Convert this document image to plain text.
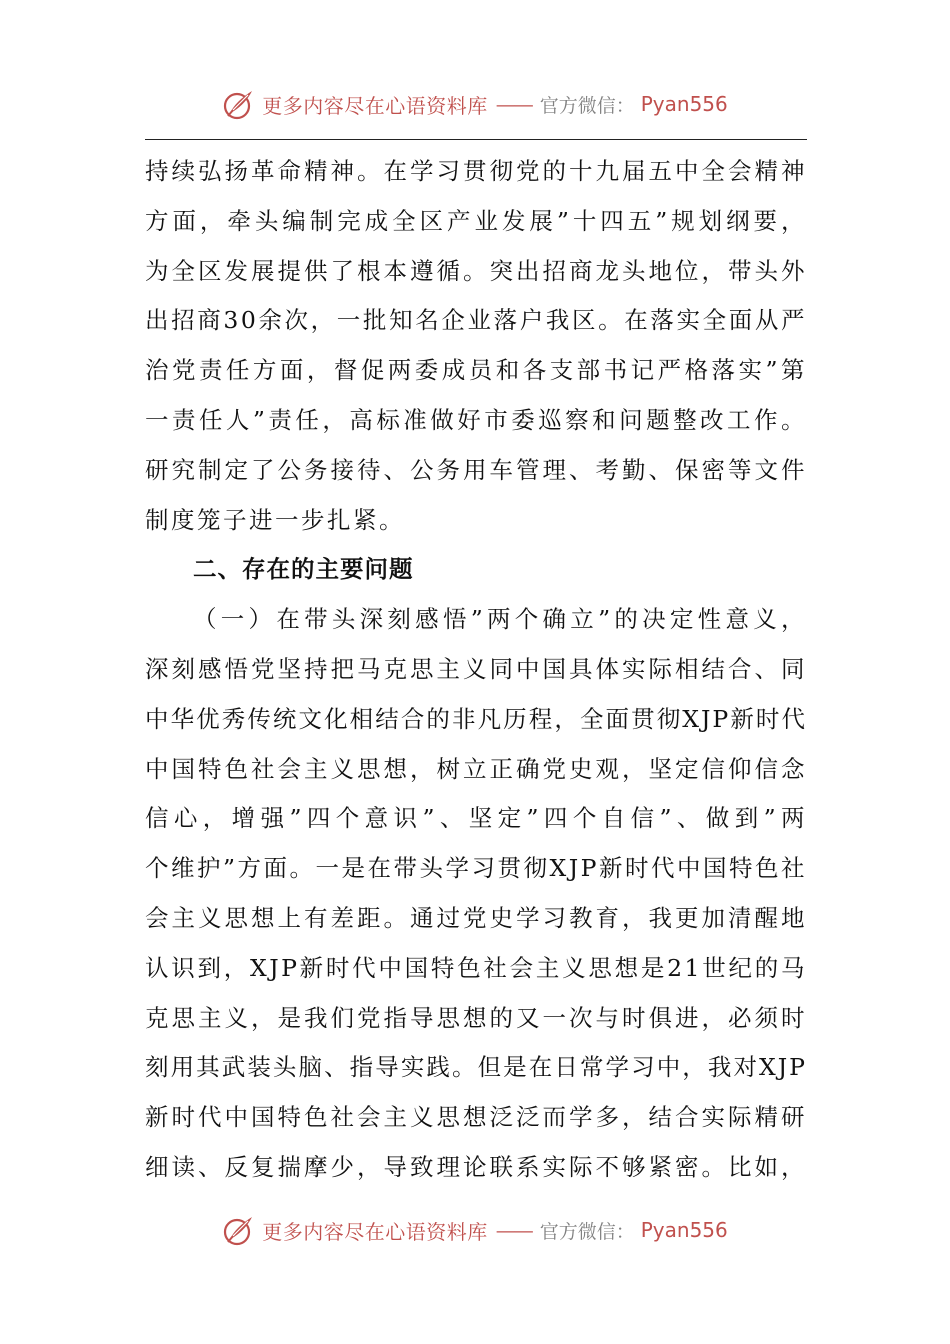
更多内容尽在心语资料库 —— 官方微信： Pyan556

持续弘扬革命精神。在学习贯彻党的十九届五中全会精神

方面，牵头编制完成全区产业发展”十四五”规划纲要，

为全区发展提供了根本遵循。突出招商龙头地位，带头外

出招商30余次，一批知名企业落户我区。在落实全面从严

治党责任方面，督促两委成员和各支部书记严格落实”第

一责任人”责任，高标准做好市委巡察和问题整改工作。

研究制定了公务接待、公务用车管理、考勤、保密等文件

制度笼子进一步扎紧。

二、存在的主要问题

（一）在带头深刻感悟”两个确立”的决定性意义，

深刻感悟党坚持把马克思主义同中国具体实际相结合、同

中华优秀传统文化相结合的非凡历程，全面贯彻XJP新时代

中国特色社会主义思想，树立正确党史观，坚定信仰信念

信心，增强”四个意识”、坚定”四个自信”、做到”两

个维护”方面。一是在带头学习贯彻XJP新时代中国特色社

会主义思想上有差距。通过党史学习教育，我更加清醒地

认识到，XJP新时代中国特色社会主义思想是21世纪的马

克思主义，是我们党指导思想的又一次与时俱进，必须时

刻用其武装头脑、指导实践。但是在日常学习中，我对XJP

新时代中国特色社会主义思想泛泛而学多，结合实际精研

细读、反复揣摩少，导致理论联系实际不够紧密。比如，

更多内容尽在心语资料库 —— 官方微信： Pyan556
